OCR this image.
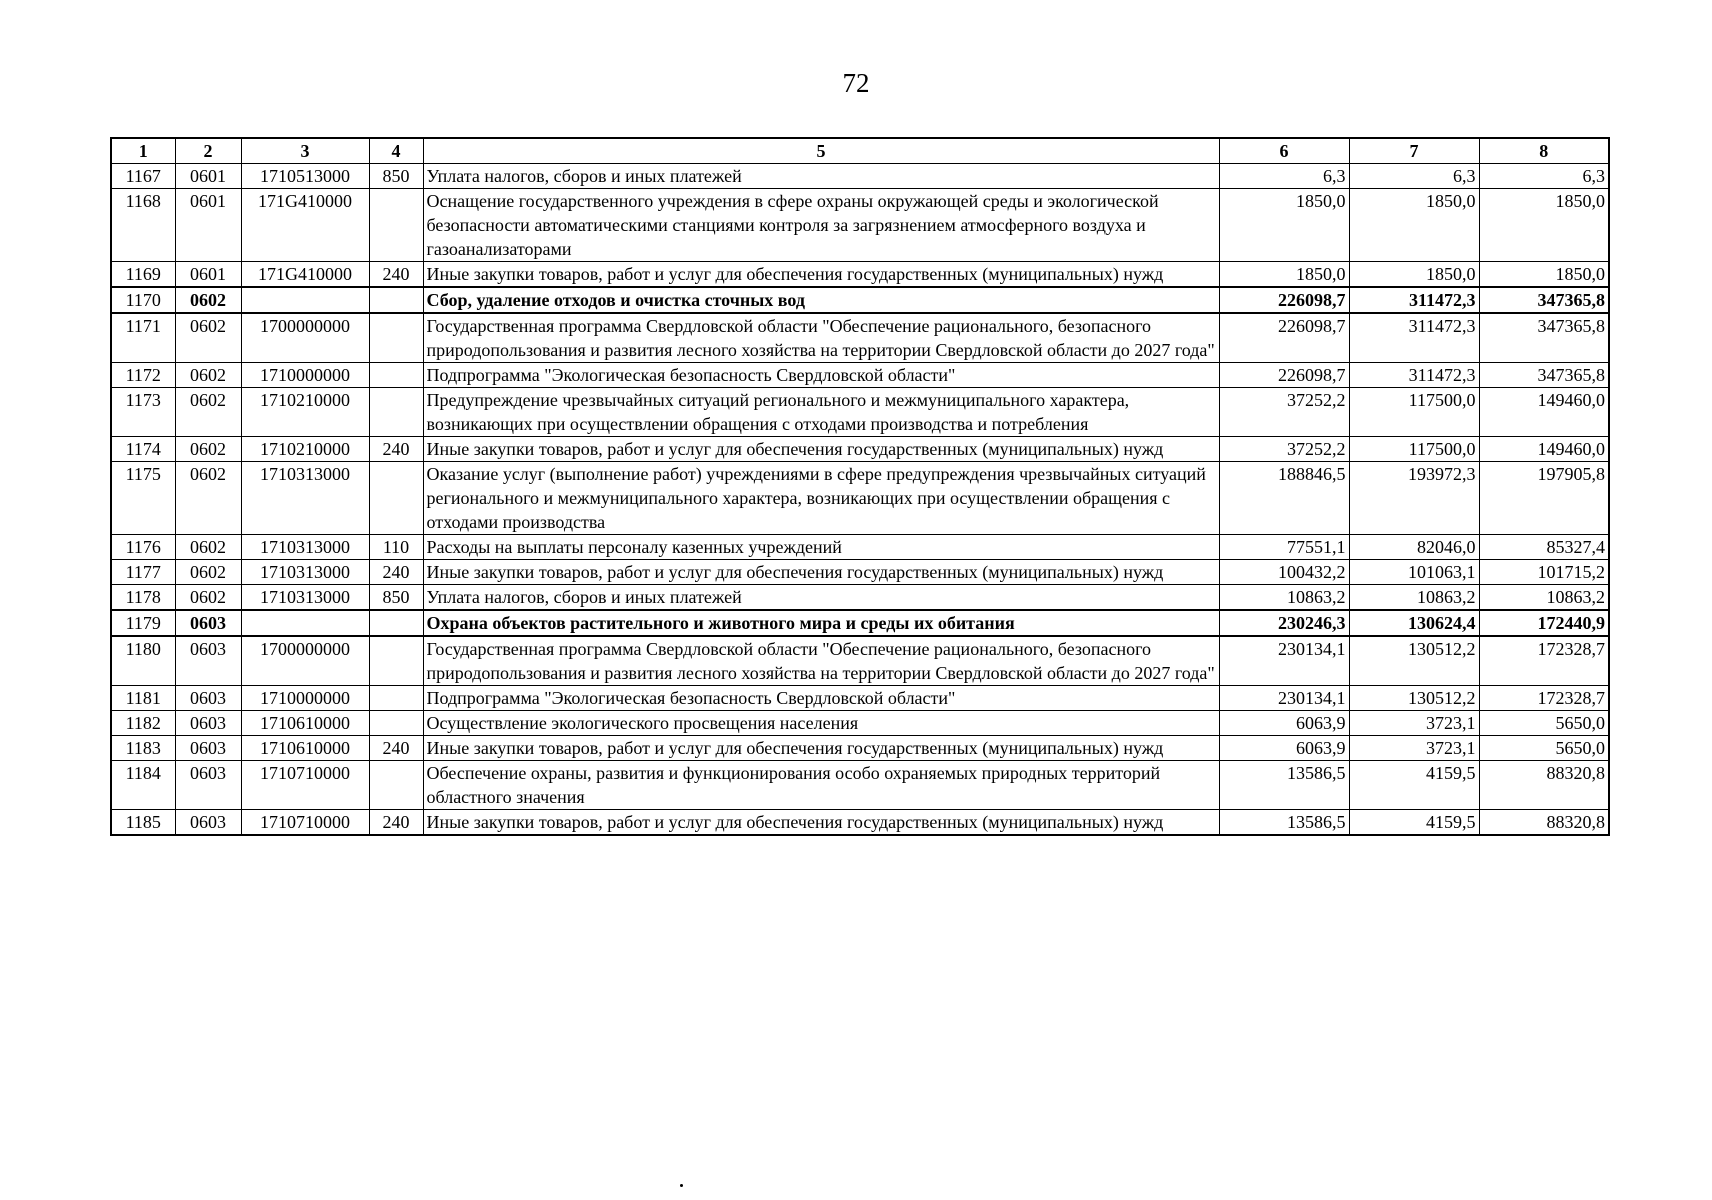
72
1	2	3	4	5	6	7	8
1167	0601	1710513000	850	Уплата налогов, сборов и иных платежей	6,3	6,3	6,3
1168	0601	171G410000		Оснащение государственного учреждения в сфере охраны окружающей среды и экологической безопасности автоматическими станциями контроля за загрязнением атмосферного воздуха и газоанализаторами	1850,0	1850,0	1850,0
1169	0601	171G410000	240	Иные закупки товаров, работ и услуг для обеспечения государственных (муниципальных) нужд	1850,0	1850,0	1850,0
1170	0602			Сбор, удаление отходов и очистка сточных вод	226098,7	311472,3	347365,8
1171	0602	1700000000		Государственная программа Свердловской области "Обеспечение рационального, безопасного природопользования и развития лесного хозяйства на территории Свердловской области до 2027 года"	226098,7	311472,3	347365,8
1172	0602	1710000000		Подпрограмма "Экологическая безопасность Свердловской области"	226098,7	311472,3	347365,8
1173	0602	1710210000		Предупреждение чрезвычайных ситуаций регионального и межмуниципального характера, возникающих при осуществлении обращения с отходами производства и потребления	37252,2	117500,0	149460,0
1174	0602	1710210000	240	Иные закупки товаров, работ и услуг для обеспечения государственных (муниципальных) нужд	37252,2	117500,0	149460,0
1175	0602	1710313000		Оказание услуг (выполнение работ) учреждениями в сфере предупреждения чрезвычайных ситуаций регионального и межмуниципального характера, возникающих при осуществлении обращения с отходами производства	188846,5	193972,3	197905,8
1176	0602	1710313000	110	Расходы на выплаты персоналу казенных учреждений	77551,1	82046,0	85327,4
1177	0602	1710313000	240	Иные закупки товаров, работ и услуг для обеспечения государственных (муниципальных) нужд	100432,2	101063,1	101715,2
1178	0602	1710313000	850	Уплата налогов, сборов и иных платежей	10863,2	10863,2	10863,2
1179	0603			Охрана объектов растительного и животного мира и среды их обитания	230246,3	130624,4	172440,9
1180	0603	1700000000		Государственная программа Свердловской области "Обеспечение рационального, безопасного природопользования и развития лесного хозяйства на территории Свердловской области до 2027 года"	230134,1	130512,2	172328,7
1181	0603	1710000000		Подпрограмма "Экологическая безопасность Свердловской области"	230134,1	130512,2	172328,7
1182	0603	1710610000		Осуществление экологического просвещения населения	6063,9	3723,1	5650,0
1183	0603	1710610000	240	Иные закупки товаров, работ и услуг для обеспечения государственных (муниципальных) нужд	6063,9	3723,1	5650,0
1184	0603	1710710000		Обеспечение охраны, развития и функционирования особо охраняемых природных территорий областного значения	13586,5	4159,5	88320,8
1185	0603	1710710000	240	Иные закупки товаров, работ и услуг для обеспечения государственных (муниципальных) нужд	13586,5	4159,5	88320,8
